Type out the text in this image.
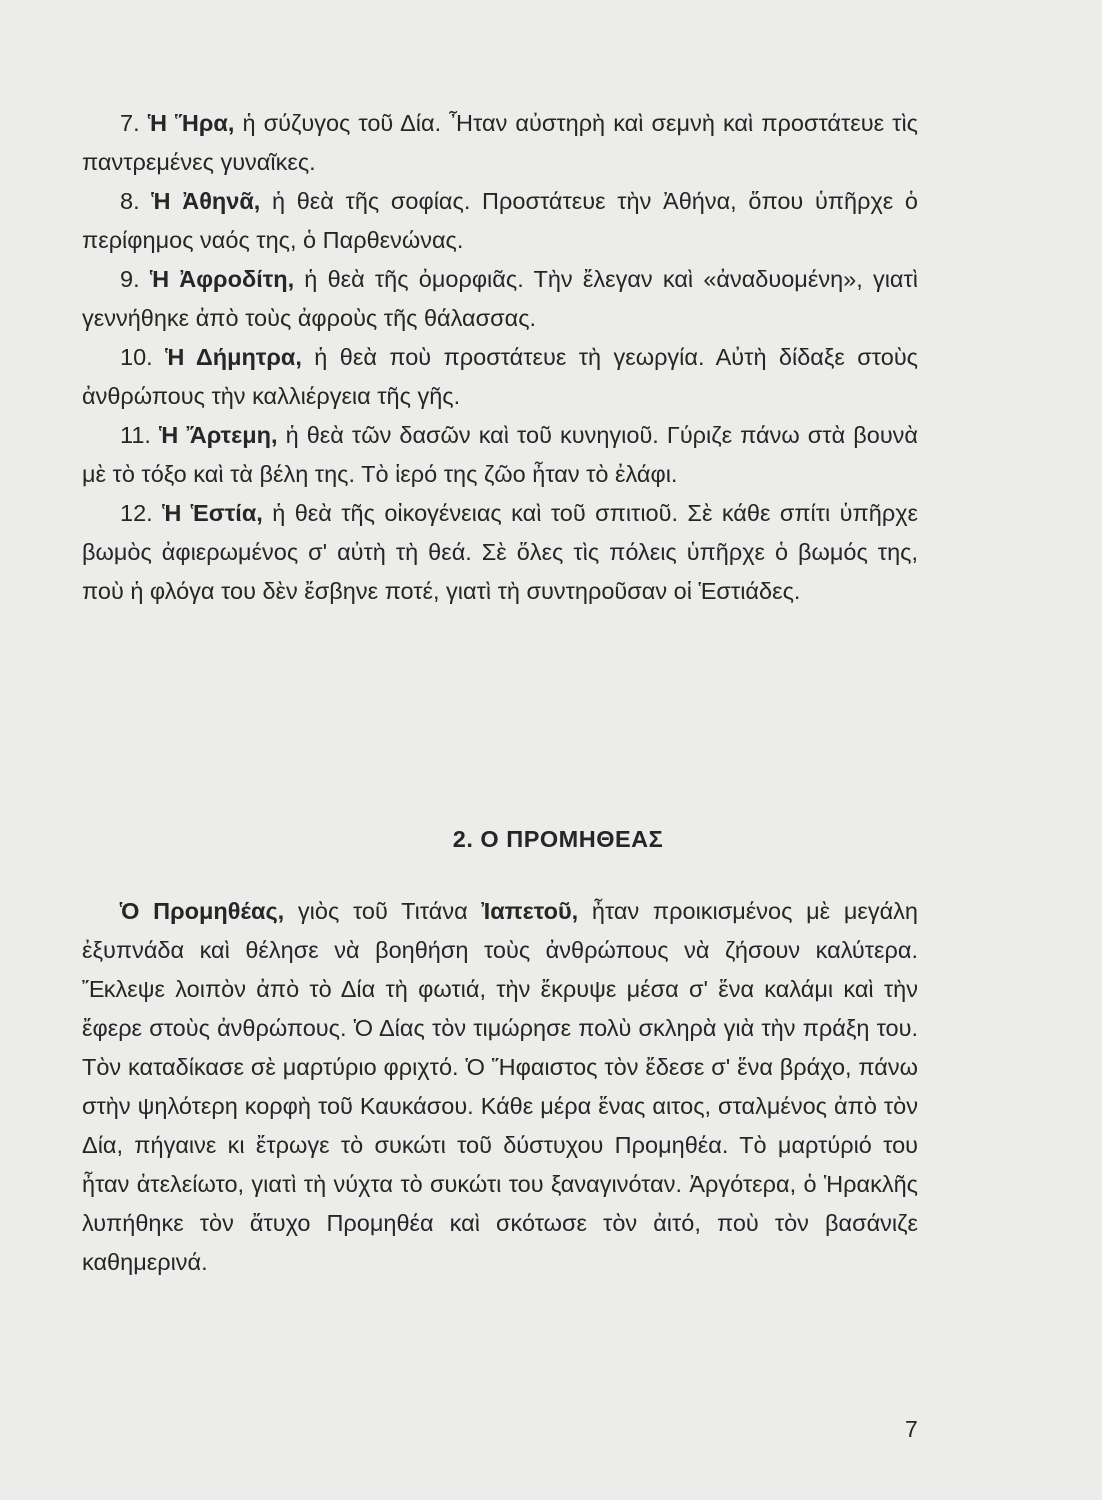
7. Ἡ Ἥρα, ἡ σύζυγος τοῦ Δία. Ἦταν αὐστηρὴ καὶ σεμνὴ καὶ προστάτευε τὶς παντρεμένες γυναῖκες.

8. Ἡ Ἀθηνᾶ, ἡ θεὰ τῆς σοφίας. Προστάτευε τὴν Ἀθήνα, ὅπου ὑπῆρχε ὁ περίφημος ναός της, ὁ Παρθενώνας.

9. Ἡ Ἀφροδίτη, ἡ θεὰ τῆς ὀμορφιᾶς. Τὴν ἔλεγαν καὶ «ἀναδυομένη», γιατὶ γεννήθηκε ἀπὸ τοὺς ἀφροὺς τῆς θάλασσας.

10. Ἡ Δήμητρα, ἡ θεὰ ποὺ προστάτευε τὴ γεωργία. Αὐτὴ δίδαξε στοὺς ἀνθρώπους τὴν καλλιέργεια τῆς γῆς.

11. Ἡ Ἄρτεμη, ἡ θεὰ τῶν δασῶν καὶ τοῦ κυνηγιοῦ. Γύριζε πάνω στὰ βουνὰ μὲ τὸ τόξο καὶ τὰ βέλη της. Τὸ ἱερό της ζῶο ἦταν τὸ ἐλάφι.

12. Ἡ Ἑστία, ἡ θεὰ τῆς οἰκογένειας καὶ τοῦ σπιτιοῦ. Σὲ κάθε σπίτι ὑπῆρχε βωμὸς ἀφιερωμένος σ' αὐτὴ τὴ θεά. Σὲ ὅλες τὶς πόλεις ὑπῆρχε ὁ βωμός της, ποὺ ἡ φλόγα του δὲν ἔσβηνε ποτέ, γιατὶ τὴ συντηροῦσαν οἱ Ἑστιάδες.

2. Ο ΠΡΟΜΗΘΕΑΣ

Ὁ Προμηθέας, γιὸς τοῦ Τιτάνα Ἰαπετοῦ, ἦταν προικισμένος μὲ μεγάλη ἐξυπνάδα καὶ θέλησε νὰ βοηθήση τοὺς ἀνθρώπους νὰ ζήσουν καλύτερα. Ἔκλεψε λοιπὸν ἀπὸ τὸ Δία τὴ φωτιά, τὴν ἔκρυψε μέσα σ' ἕνα καλάμι καὶ τὴν ἔφερε στοὺς ἀνθρώπους. Ὁ Δίας τὸν τιμώρησε πολὺ σκληρὰ γιὰ τὴν πράξη του. Τὸν καταδίκασε σὲ μαρτύριο φριχτό. Ὁ Ἥφαιστος τὸν ἔδεσε σ' ἕνα βράχο, πάνω στὴν ψηλότερη κορφὴ τοῦ Καυκάσου. Κάθε μέρα ἕνας αιτος, σταλμένος ἀπὸ τὸν Δία, πήγαινε κι ἔτρωγε τὸ συκώτι τοῦ δύστυχου Προμηθέα. Τὸ μαρτύριό του ἦταν ἀτελείωτο, γιατὶ τὴ νύχτα τὸ συκώτι του ξαναγινόταν. Ἀργότερα, ὁ Ἡρακλῆς λυπήθηκε τὸν ἄτυχο Προμηθέα καὶ σκότωσε τὸν ἀιτό, ποὺ τὸν βασάνιζε καθημερινά.

7
